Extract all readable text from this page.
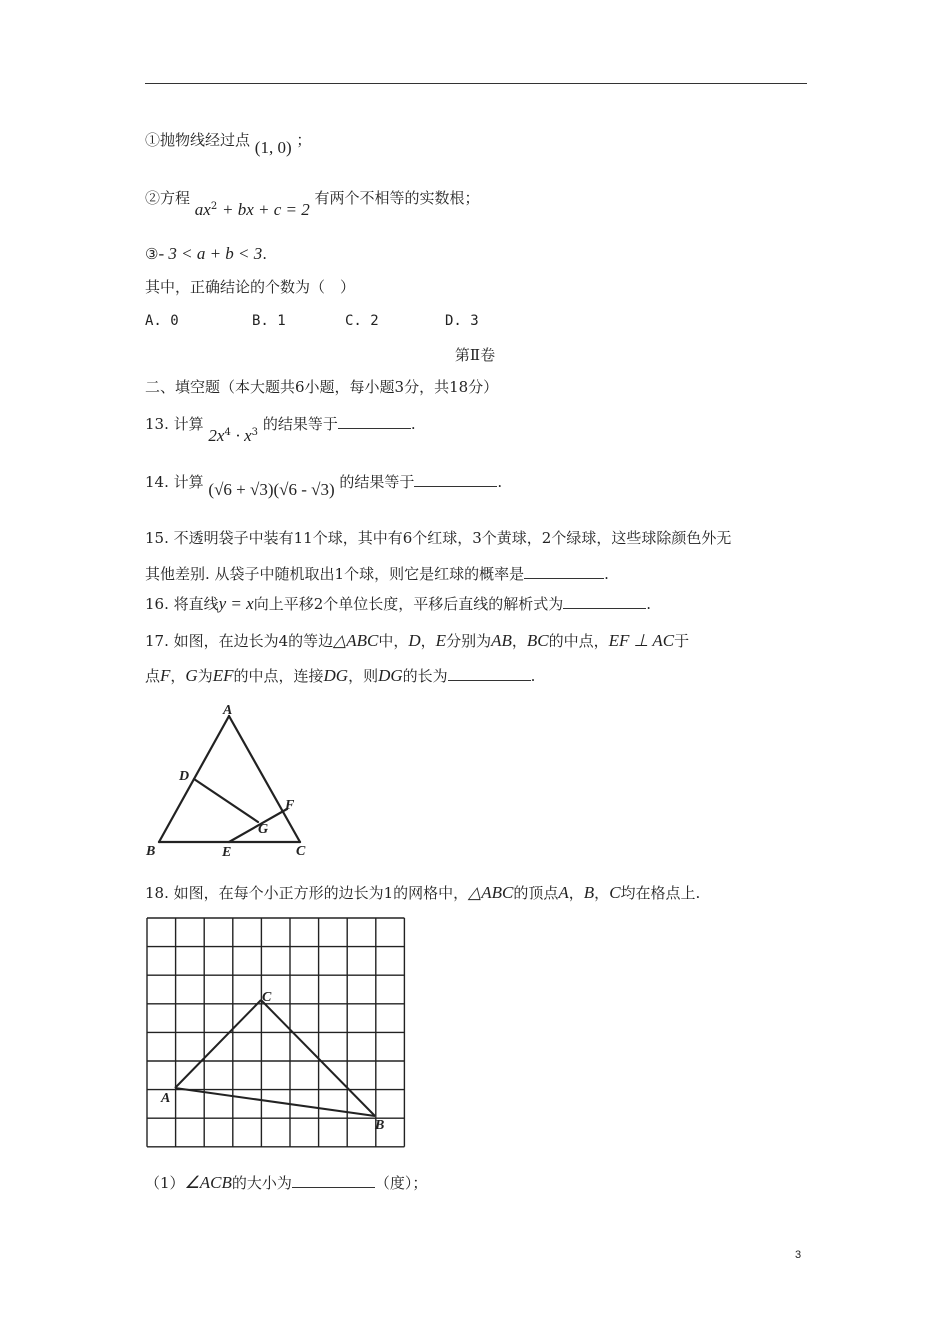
①抛物线经过点 (1, 0) ；
②方程 $ax^2$ + bx + c = 2 有两个不相等的实数根；
③- 3 < a + b < 3.
其中，正确结论的个数为（　）
A. 0	B. 1	C. 2	D. 3
第Ⅱ卷
二、填空题（本大题共6小题，每小题3分，共18分）
13. 计算 $2x^4 \cdot x^3$ 的结果等于	.
14. 计算 (√6 + √3)(√6 - √3) 的结果等于	.
15. 不透明袋子中装有11个球，其中有6个红球，3个黄球，2个绿球，这些球除颜色外无
其他差别. 从袋子中随机取出1个球，则它是红球的概率是	.
16. 将直线y = x向上平移2个单位长度，平移后直线的解析式为	.
17. 如图，在边长为4的等边△ABC中，D，E分别为AB，BC的中点，EF ⊥ AC于
点F，G为EF的中点，连接DG，则DG的长为	.
A
D
F
G
B	E	C
18. 如图，在每个小正方形的边长为1的网格中，△ABC的顶点A，B，C均在格点上.
C
A
B
（1）∠ACB的大小为	（度）；
3
